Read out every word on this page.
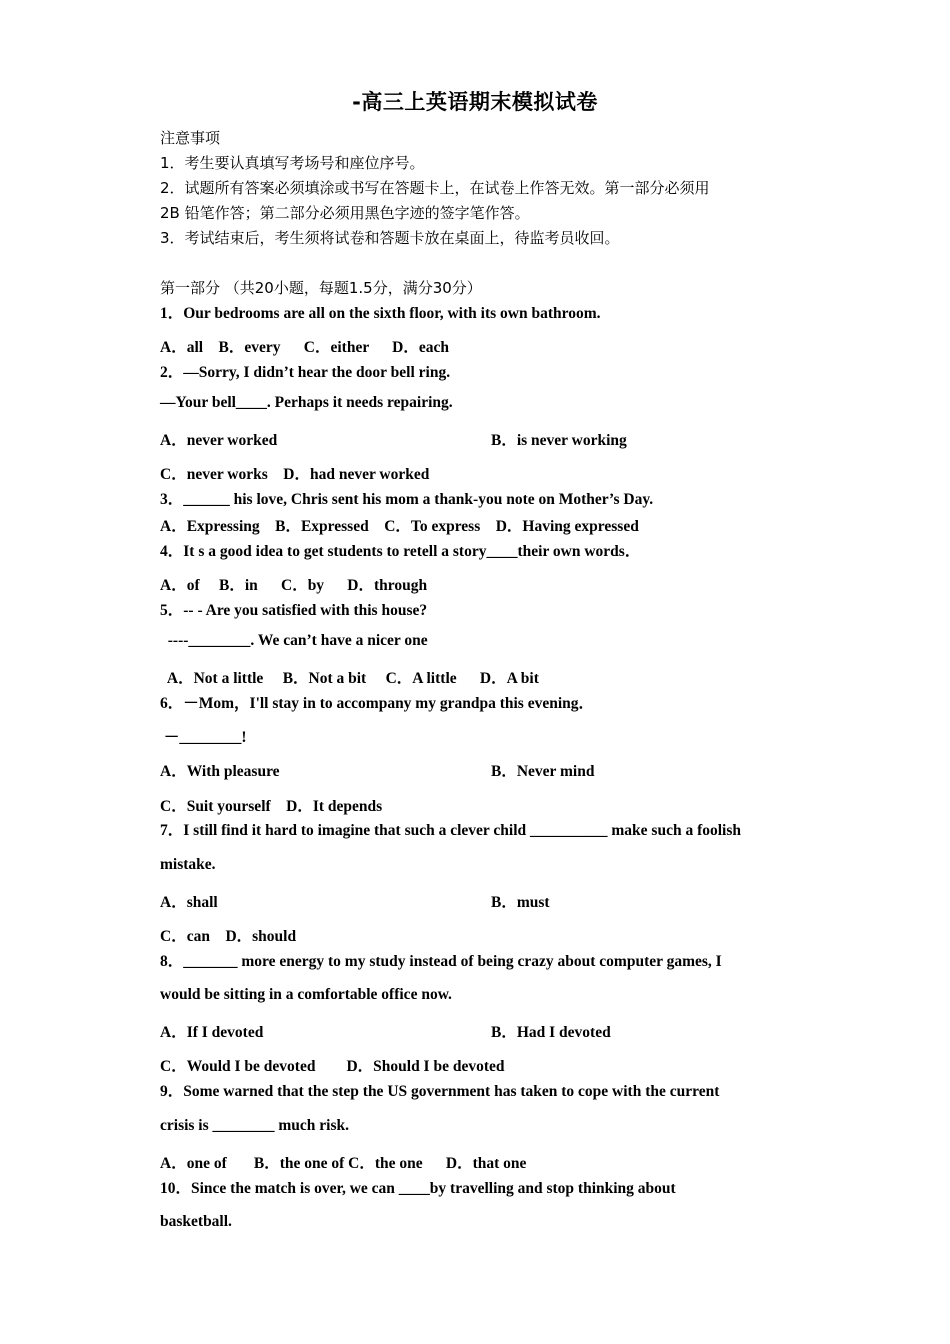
-高三上英语期末模拟试卷
注意事项
1．考生要认真填写考场号和座位序号。
2．试题所有答案必须填涂或书写在答题卡上，在试卷上作答无效。第一部分必须用
2B 铅笔作答；第二部分必须用黑色字迹的签字笔作答。
3．考试结束后，考生须将试卷和答题卡放在桌面上，待监考员收回。
第一部分 （共20小题，每题1.5分，满分30分）
1．Our bedrooms are all on the sixth floor, with its own bathroom.
A．all    B．every      C．either      D．each
2．—Sorry, I didn’t hear the door bell ring.
—Your bell____. Perhaps it needs repairing.
A．never worked	B．is never working
C．never works    D．had never worked
3．______ his love, Chris sent his mom a thank-you note on Mother’s Day.
A．Expressing    B．Expressed    C．To express    D．Having expressed
4．It s a good idea to get students to retell a story____their own words．
A．of     B．in      C．by      D．through
5．-- - Are you satisfied with this house?
----________. We can’t have a nicer one
A．Not a little     B．Not a bit     C．A little      D．A bit
6．－Mom，I'll stay in to accompany my grandpa this evening．
－________!
A．With pleasure	B．Never mind
C．Suit yourself    D．It depends
7．I still find it hard to imagine that such a clever child __________ make such a foolish
mistake.
A．shall	B．must
C．can    D．should
8．_______ more energy to my study instead of being crazy about computer games, I
would be sitting in a comfortable office now.
A．If I devoted	B．Had I devoted
C．Would I be devoted        D．Should I be devoted
9．Some warned that the step the US government has taken to cope with the current
crisis is ________ much risk.
A．one of       B．the one of C．the one      D．that one
10．Since the match is over, we can ____by travelling and stop thinking about
basketball.
